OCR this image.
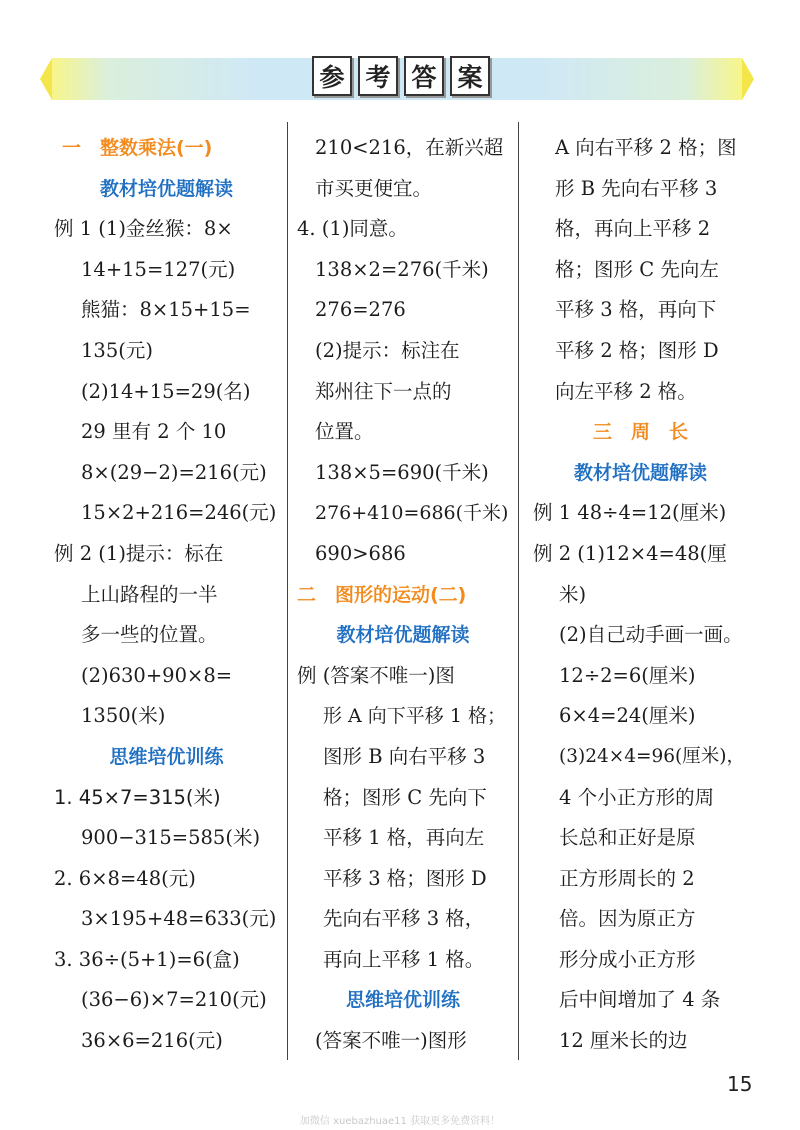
参 考 答 案
一　整数乘法(一)
教材培优题解读
例 1 (1)金丝猴：8×
14+15=127(元)
熊猫：8×15+15=
135(元)
(2)14+15=29(名)
29 里有 2 个 10
8×(29−2)=216(元)
15×2+216=246(元)
例 2 (1)提示：标在
上山路程的一半
多一些的位置。
(2)630+90×8=
1350(米)
思维培优训练
1. 45×7=315(米)
900−315=585(米)
2. 6×8=48(元)
3×195+48=633(元)
3. 36÷(5+1)=6(盒)
(36−6)×7=210(元)
36×6=216(元)
210<216，在新兴超
市买更便宜。
4. (1)同意。
138×2=276(千米)
276=276
(2)提示：标注在
郑州往下一点的
位置。
138×5=690(千米)
276+410=686(千米)
690>686
二　图形的运动(二)
教材培优题解读
例 (答案不唯一)图
形 A 向下平移 1 格；
图形 B 向右平移 3
格；图形 C 先向下
平移 1 格，再向左
平移 3 格；图形 D
先向右平移 3 格，
再向上平移 1 格。
思维培优训练
(答案不唯一)图形
A 向右平移 2 格；图
形 B 先向右平移 3
格，再向上平移 2
格；图形 C 先向左
平移 3 格，再向下
平移 2 格；图形 D
向左平移 2 格。
三　周　长
教材培优题解读
例 1 48÷4=12(厘米)
例 2 (1)12×4=48(厘
米)
(2)自己动手画一画。
12÷2=6(厘米)
6×4=24(厘米)
(3)24×4=96(厘米)，
4 个小正方形的周
长总和正好是原
正方形周长的 2
倍。因为原正方
形分成小正方形
后中间增加了 4 条
12 厘米长的边
15
加微信 xuebazhuae11 获取更多免费资料！
